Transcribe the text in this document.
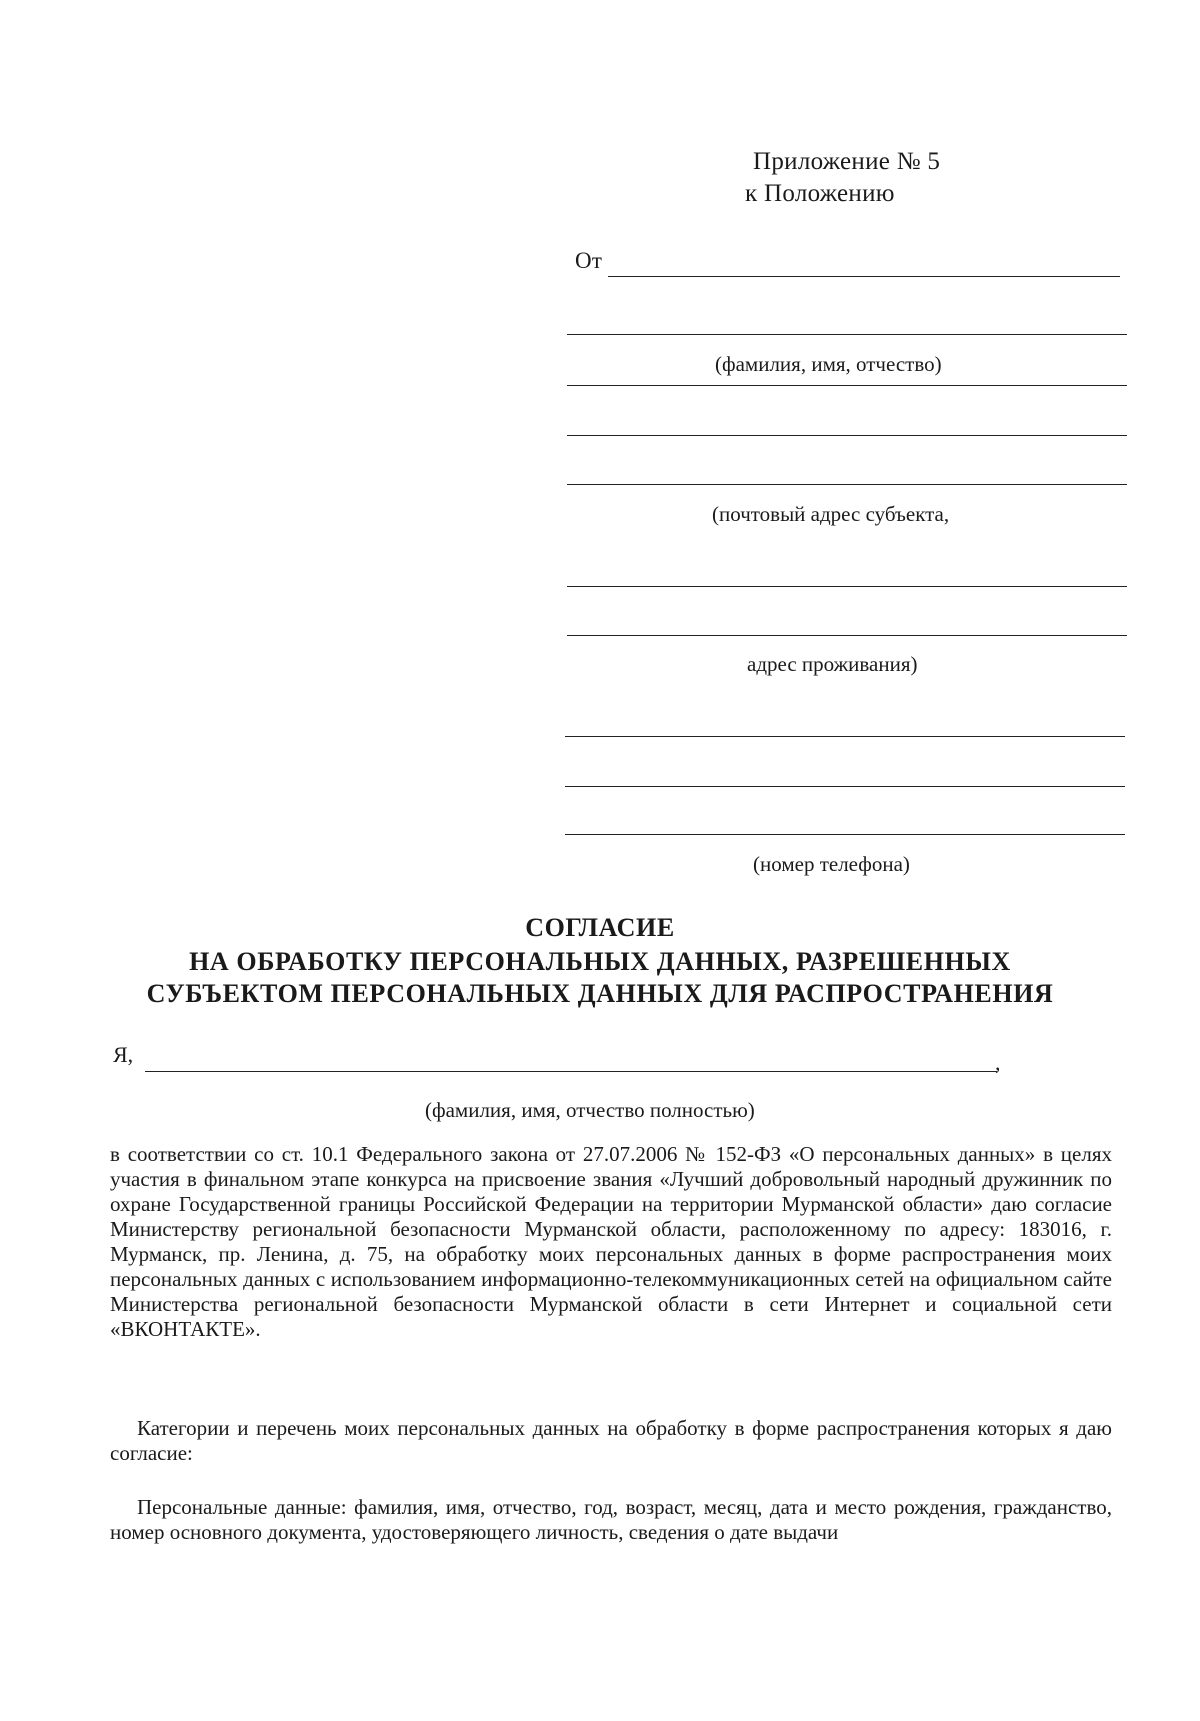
Приложение № 5
к Положению
От
(фамилия, имя, отчество)
(почтовый адрес субъекта,
адрес проживания)
(номер телефона)
СОГЛАСИЕ
НА ОБРАБОТКУ ПЕРСОНАЛЬНЫХ ДАННЫХ, РАЗРЕШЕННЫХ
СУБЪЕКТОМ ПЕРСОНАЛЬНЫХ ДАННЫХ ДЛЯ РАСПРОСТРАНЕНИЯ
Я,	,
(фамилия, имя, отчество полностью)

в соответствии со ст. 10.1 Федерального закона от 27.07.2006 № 152-ФЗ «О персональных данных» в целях участия в финальном этапе конкурса на присвоение звания «Лучший добровольный народный дружинник по охране Государственной границы Российской Федерации на территории Мурманской области» даю согласие Министерству региональной безопасности Мурманской области, расположенному по адресу: 183016, г. Мурманск, пр. Ленина, д. 75, на обработку моих персональных данных в форме распространения моих персональных данных с использованием информационно-телекоммуникационных сетей на официальном сайте Министерства региональной безопасности Мурманской области в сети Интернет и социальной сети «ВКОНТАКТЕ».

Категории и перечень моих персональных данных на обработку в форме распространения которых я даю согласие:

Персональные данные: фамилия, имя, отчество, год, возраст, месяц, дата и место рождения, гражданство, номер основного документа, удостоверяющего личность, сведения о дате выдачи
